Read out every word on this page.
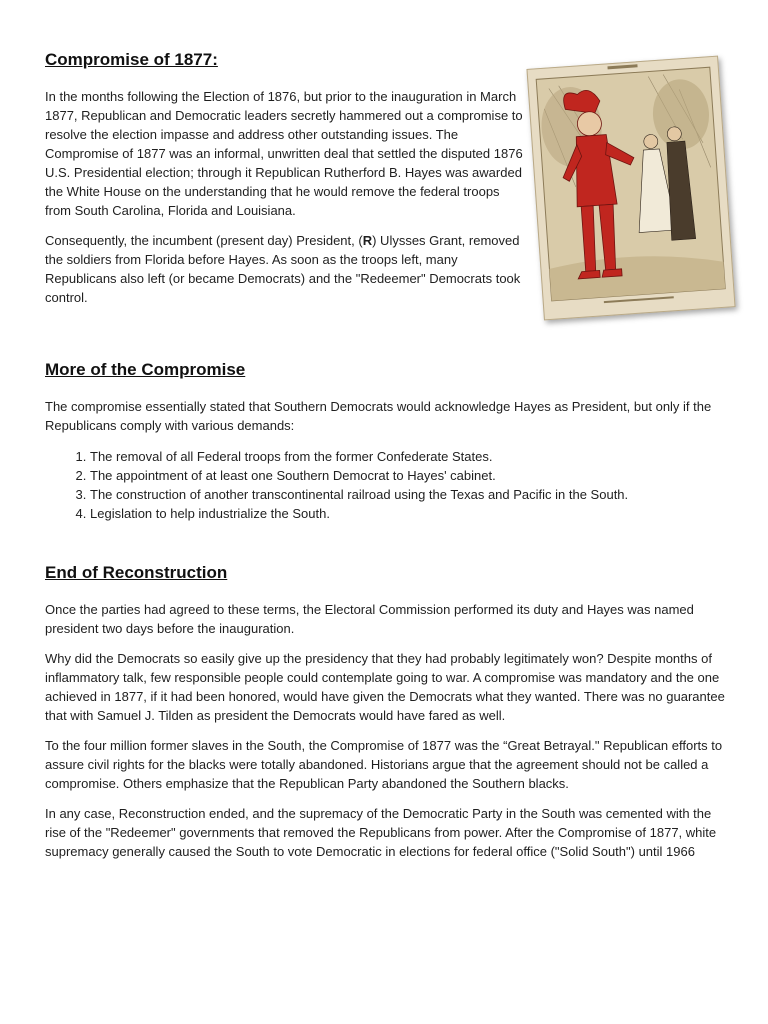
Compromise of 1877:

In the months following the Election of 1876, but prior to the inauguration in March 1877, Republican and Democratic leaders secretly hammered out a compromise to resolve the election impasse and address other outstanding issues. The Compromise of 1877 was an informal, unwritten deal that settled the disputed 1876 U.S. Presidential election; through it Republican Rutherford B. Hayes was awarded the White House on the understanding that he would remove the federal troops from South Carolina, Florida and Louisiana.

Consequently, the incumbent (present day) President, (R) Ulysses Grant, removed the soldiers from Florida before Hayes. As soon as the troops left, many Republicans also left (or became Democrats) and the "Redeemer" Democrats took control.

More of the Compromise

The compromise essentially stated that Southern Democrats would acknowledge Hayes as President, but only if the Republicans comply with various demands:

1. The removal of all Federal troops from the former Confederate States.
2. The appointment of at least one Southern Democrat to Hayes' cabinet.
3. The construction of another transcontinental railroad using the Texas and Pacific in the South.
4. Legislation to help industrialize the South.
End of Reconstruction

Once the parties had agreed to these terms, the Electoral Commission performed its duty and Hayes was named president two days before the inauguration.

Why did the Democrats so easily give up the presidency that they had probably legitimately won? Despite months of inflammatory talk, few responsible people could contemplate going to war. A compromise was mandatory and the one achieved in 1877, if it had been honored, would have given the Democrats what they wanted. There was no guarantee that with Samuel J. Tilden as president the Democrats would have fared as well.

To the four million former slaves in the South, the Compromise of 1877 was the “Great Betrayal." Republican efforts to assure civil rights for the blacks were totally abandoned. Historians argue that the agreement should not be called a compromise. Others emphasize that the Republican Party abandoned the Southern blacks.

In any case, Reconstruction ended, and the supremacy of the Democratic Party in the South was cemented with the rise of the "Redeemer" governments that removed the Republicans from power. After the Compromise of 1877, white supremacy generally caused the South to vote Democratic in elections for federal office ("Solid South") until 1966
